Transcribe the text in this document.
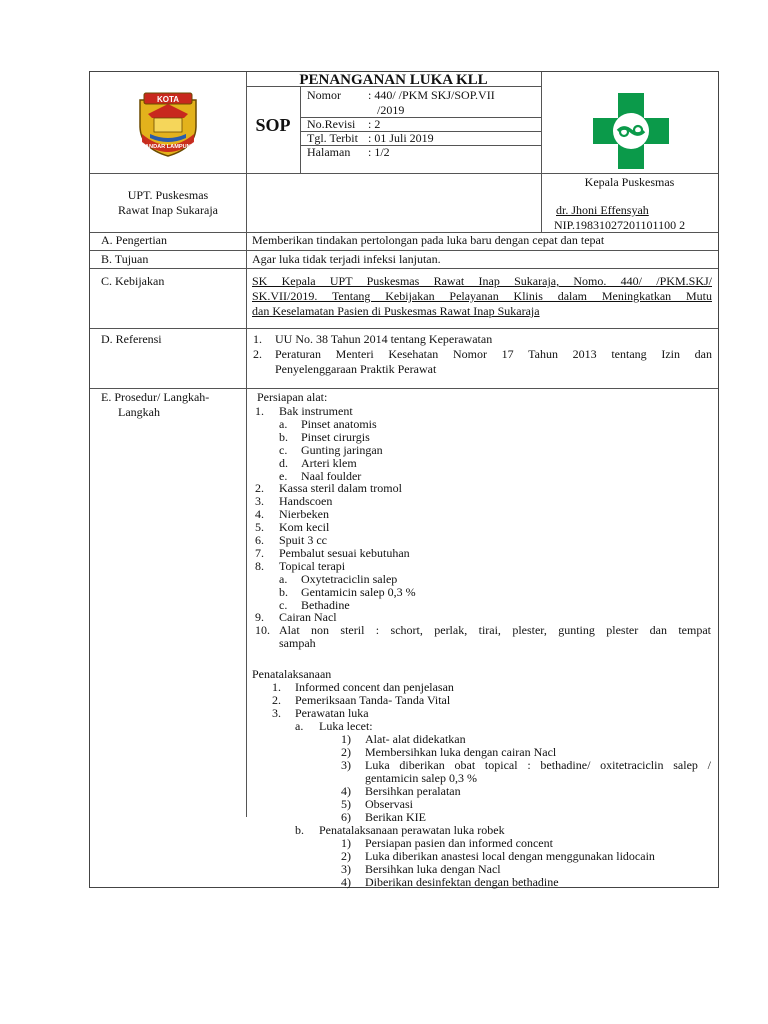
KOTA
BANDAR LAMPUNG
PENANGANAN LUKA KLL
SOP
Nomor : 440/ /PKM SKJ/SOP.VII
/2019
No.Revisi : 2
Tgl. Terbit : 01 Juli 2019
Halaman : 1/2
UPT. Puskesmas
Rawat Inap Sukaraja
Kepala Puskesmas
dr. Jhoni Effensyah
NIP.19831027201101100 2
A. Pengertian	Memberikan tindakan pertolongan pada luka baru dengan cepat dan tepat
B. Tujuan	Agar luka tidak terjadi infeksi lanjutan.
C. Kebijakan	SK Kepala UPT Puskesmas Rawat Inap Sukaraja, Nomo. 440/ /PKM.SKJ/
SK.VII/2019. Tentang Kebijakan Pelayanan Klinis dalam Meningkatkan Mutu
dan Keselamatan Pasien di Puskesmas Rawat Inap Sukaraja
D. Referensi	1. UU No. 38 Tahun 2014 tentang Keperawatan
2. Peraturan Menteri Kesehatan Nomor 17 Tahun 2013 tentang Izin dan
Penyelenggaraan Praktik Perawat
E. Prosedur/ Langkah-
Langkah
Persiapan alat:
1. Bak instrument
a. Pinset anatomis
b. Pinset cirurgis
c. Gunting jaringan
d. Arteri klem
e. Naal foulder
2. Kassa steril dalam tromol
3. Handscoen
4. Nierbeken
5. Kom kecil
6. Spuit 3 cc
7. Pembalut sesuai kebutuhan
8. Topical terapi
a. Oxytetraciclin salep
b. Gentamicin salep 0,3 %
c. Bethadine
9. Cairan Nacl
10. Alat non steril : schort, perlak, tirai, plester, gunting plester dan tempat
sampah
Penatalaksanaan
1. Informed concent dan penjelasan
2. Pemeriksaan Tanda- Tanda Vital
3. Perawatan luka
a. Luka lecet:
1) Alat- alat didekatkan
2) Membersihkan luka dengan cairan Nacl
3) Luka diberikan obat topical : bethadine/ oxitetraciclin salep /
gentamicin salep 0,3 %
4) Bersihkan peralatan
5) Observasi
6) Berikan KIE
b. Penatalaksanaan perawatan luka robek
1) Persiapan pasien dan informed concent
2) Luka diberikan anastesi local dengan menggunakan lidocain
3) Bersihkan luka dengan Nacl
4) Diberikan desinfektan dengan bethadine
